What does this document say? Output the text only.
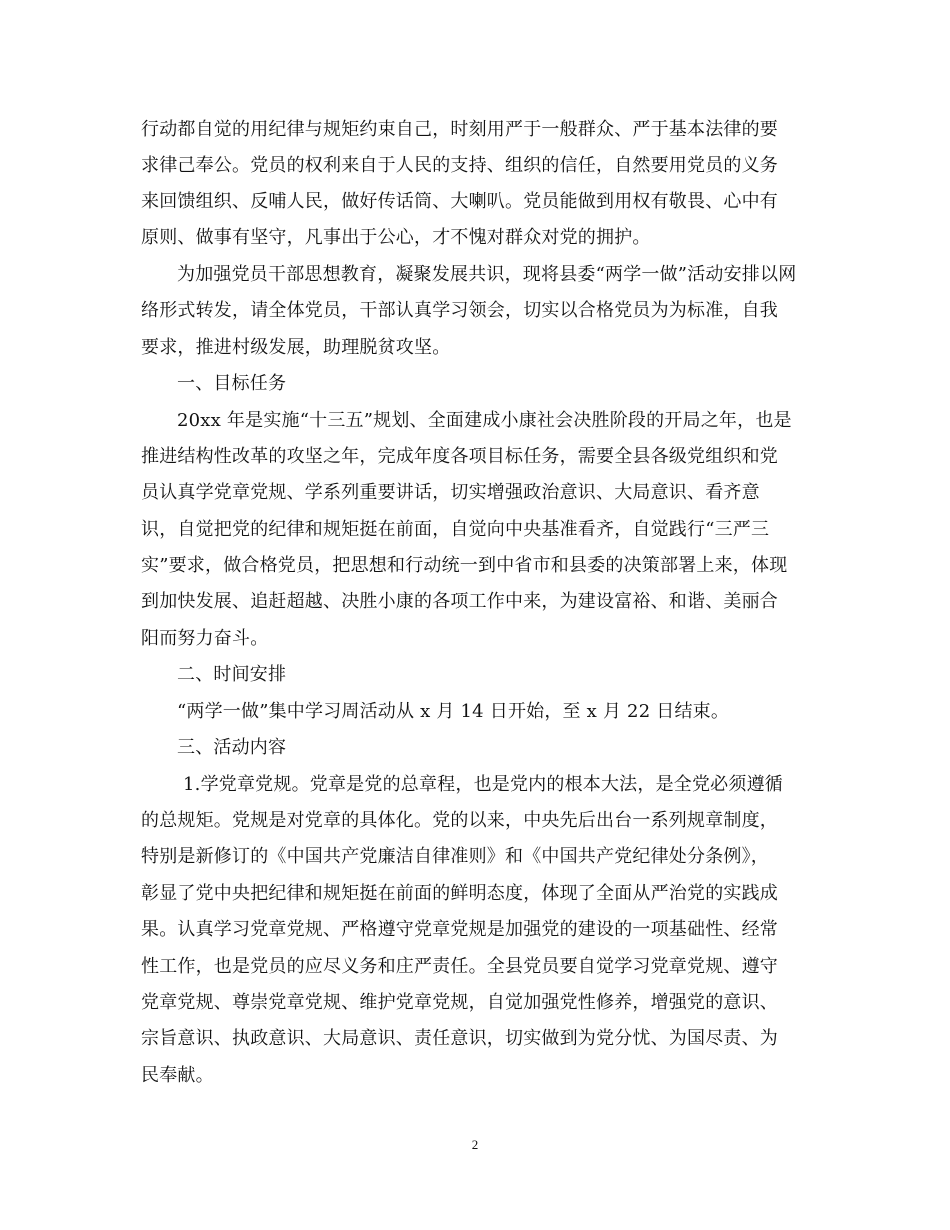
行动都自觉的用纪律与规矩约束自己，时刻用严于一般群众、严于基本法律的要
求律己奉公。党员的权利来自于人民的支持、组织的信任，自然要用党员的义务
来回馈组织、反哺人民，做好传话筒、大喇叭。党员能做到用权有敬畏、心中有
原则、做事有坚守，凡事出于公心，才不愧对群众对党的拥护。
为加强党员干部思想教育，凝聚发展共识，现将县委“两学一做”活动安排以网
络形式转发，请全体党员，干部认真学习领会，切实以合格党员为为标准，自我
要求，推进村级发展，助理脱贫攻坚。
一、目标任务
20xx 年是实施“十三五”规划、全面建成小康社会决胜阶段的开局之年，也是
推进结构性改革的攻坚之年，完成年度各项目标任务，需要全县各级党组织和党
员认真学党章党规、学系列重要讲话，切实增强政治意识、大局意识、看齐意
识，自觉把党的纪律和规矩挺在前面，自觉向中央基准看齐，自觉践行“三严三
实”要求，做合格党员，把思想和行动统一到中省市和县委的决策部署上来，体现
到加快发展、追赶超越、决胜小康的各项工作中来，为建设富裕、和谐、美丽合
阳而努力奋斗。
二、时间安排
“两学一做”集中学习周活动从 x 月 14 日开始，至 x 月 22 日结束。
三、活动内容
1.学党章党规。党章是党的总章程，也是党内的根本大法，是全党必须遵循
的总规矩。党规是对党章的具体化。党的以来，中央先后出台一系列规章制度，
特别是新修订的《中国共产党廉洁自律准则》和《中国共产党纪律处分条例》，
彰显了党中央把纪律和规矩挺在前面的鲜明态度，体现了全面从严治党的实践成
果。认真学习党章党规、严格遵守党章党规是加强党的建设的一项基础性、经常
性工作，也是党员的应尽义务和庄严责任。全县党员要自觉学习党章党规、遵守
党章党规、尊崇党章党规、维护党章党规，自觉加强党性修养，增强党的意识、
宗旨意识、执政意识、大局意识、责任意识，切实做到为党分忧、为国尽责、为
民奉献。
2
